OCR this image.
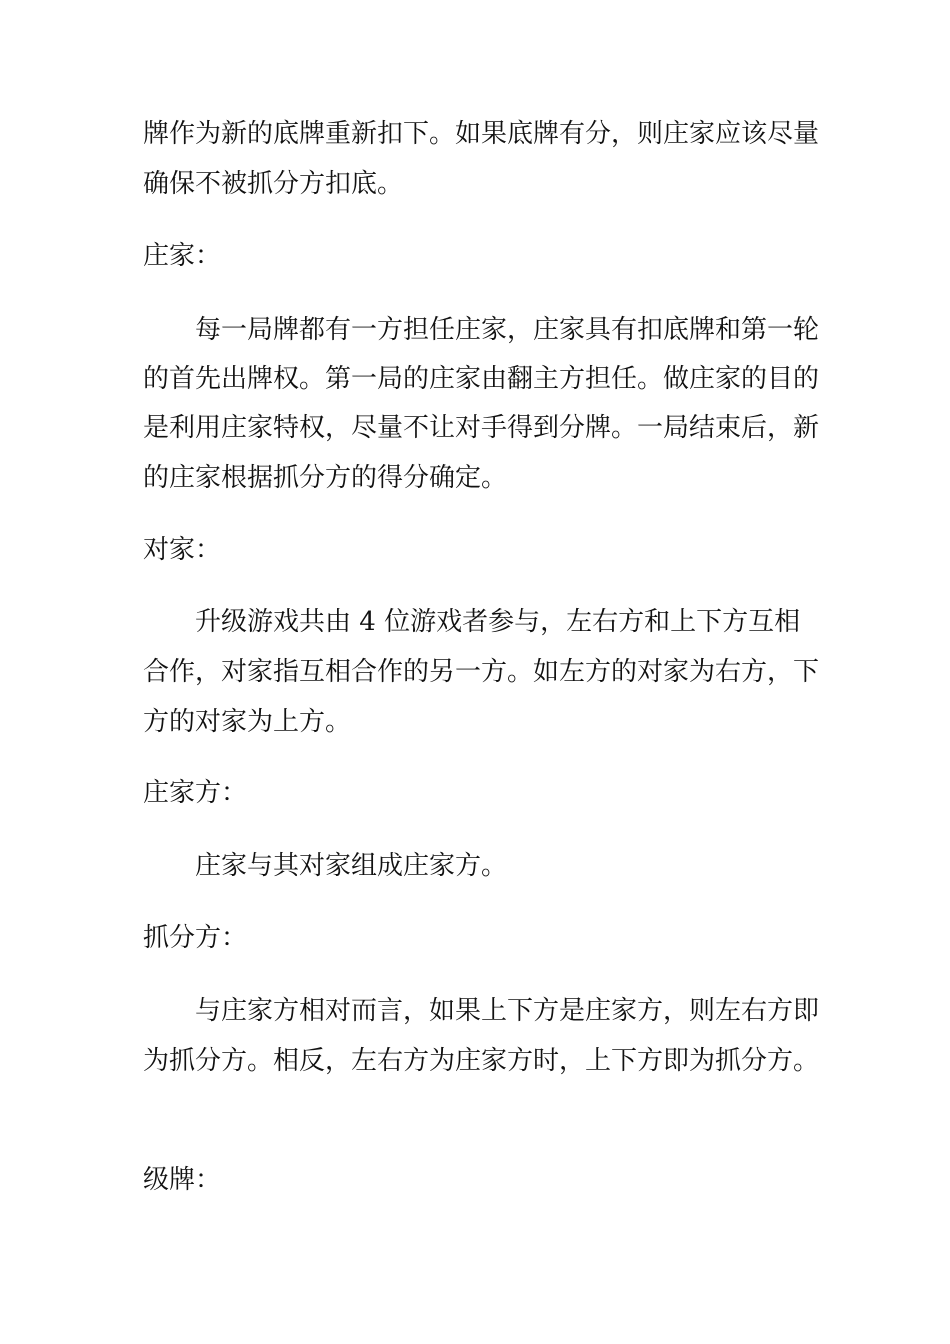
牌作为新的底牌重新扣下。如果底牌有分，则庄家应该尽量
确保不被抓分方扣底。
庄家：
每一局牌都有一方担任庄家，庄家具有扣底牌和第一轮
的首先出牌权。第一局的庄家由翻主方担任。做庄家的目的
是利用庄家特权，尽量不让对手得到分牌。一局结束后，新
的庄家根据抓分方的得分确定。
对家：
升级游戏共由 4 位游戏者参与，左右方和上下方互相
合作，对家指互相合作的另一方。如左方的对家为右方，下
方的对家为上方。
庄家方：
庄家与其对家组成庄家方。
抓分方：
与庄家方相对而言，如果上下方是庄家方，则左右方即
为抓分方。相反，左右方为庄家方时，上下方即为抓分方。
级牌：
